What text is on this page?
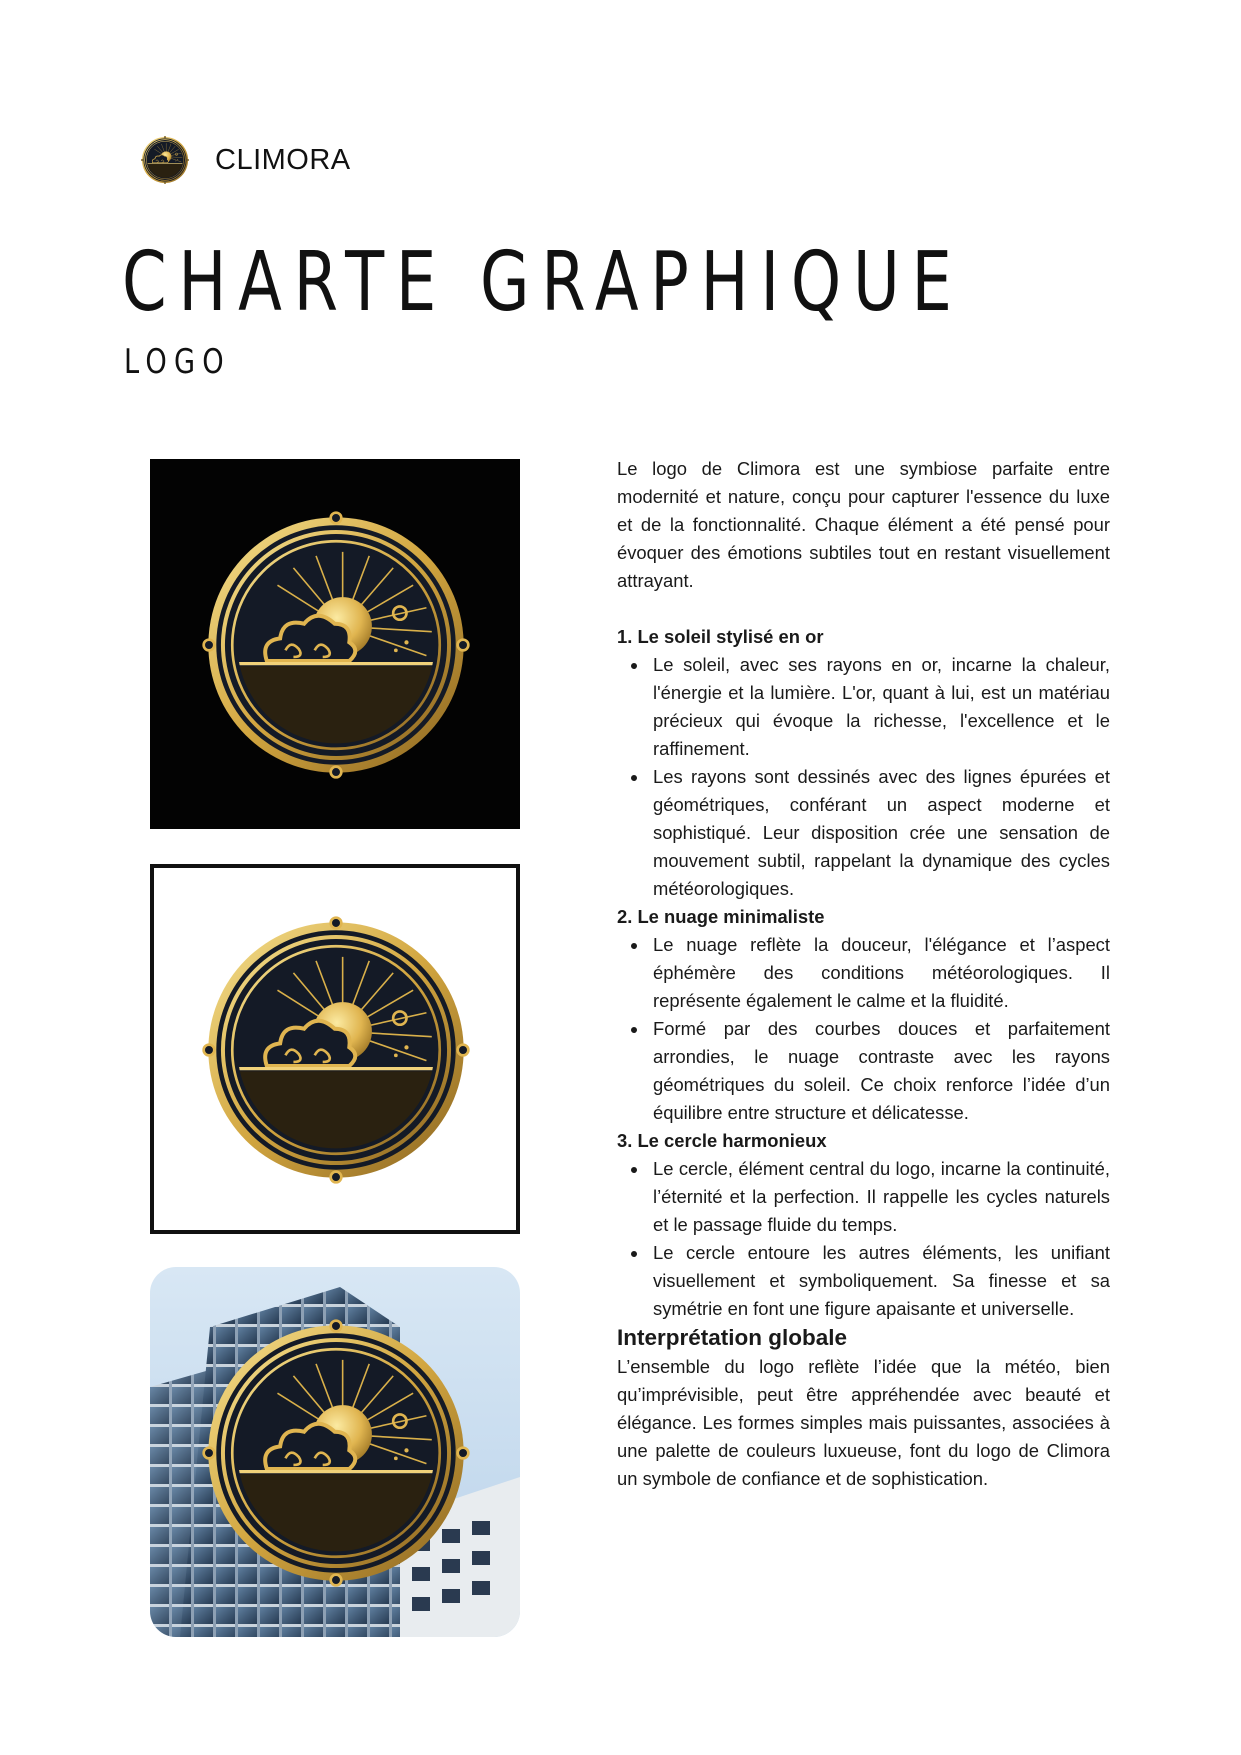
CLIMORA
CHARTE GRAPHIQUE
LOGO

Le logo de Climora est une symbiose parfaite entre modernité et nature, conçu pour capturer l'essence du luxe et de la fonctionnalité. Chaque élément a été pensé pour évoquer des émotions subtiles tout en restant visuellement attrayant.

1. Le soleil stylisé en or

Le soleil, avec ses rayons en or, incarne la chaleur, l'énergie et la lumière. L'or, quant à lui, est un matériau précieux qui évoque la richesse, l'excellence et le raffinement.
Les rayons sont dessinés avec des lignes épurées et géométriques, conférant un aspect moderne et sophistiqué. Leur disposition crée une sensation de mouvement subtil, rappelant la dynamique des cycles météorologiques.

2. Le nuage minimaliste

Le nuage reflète la douceur, l'élégance et l’aspect éphémère des conditions météorologiques. Il représente également le calme et la fluidité.
Formé par des courbes douces et parfaitement arrondies, le nuage contraste avec les rayons géométriques du soleil. Ce choix renforce l’idée d’un équilibre entre structure et délicatesse.

3. Le cercle harmonieux

Le cercle, élément central du logo, incarne la continuité, l’éternité et la perfection. Il rappelle les cycles naturels et le passage fluide du temps.
Le cercle entoure les autres éléments, les unifiant visuellement et symboliquement. Sa finesse et sa symétrie en font une figure apaisante et universelle.

Interprétation globale

L’ensemble du logo reflète l’idée que la météo, bien qu’imprévisible, peut être appréhendée avec beauté et élégance. Les formes simples mais puissantes, associées à une palette de couleurs luxueuse, font du logo de Climora un symbole de confiance et de sophistication.
